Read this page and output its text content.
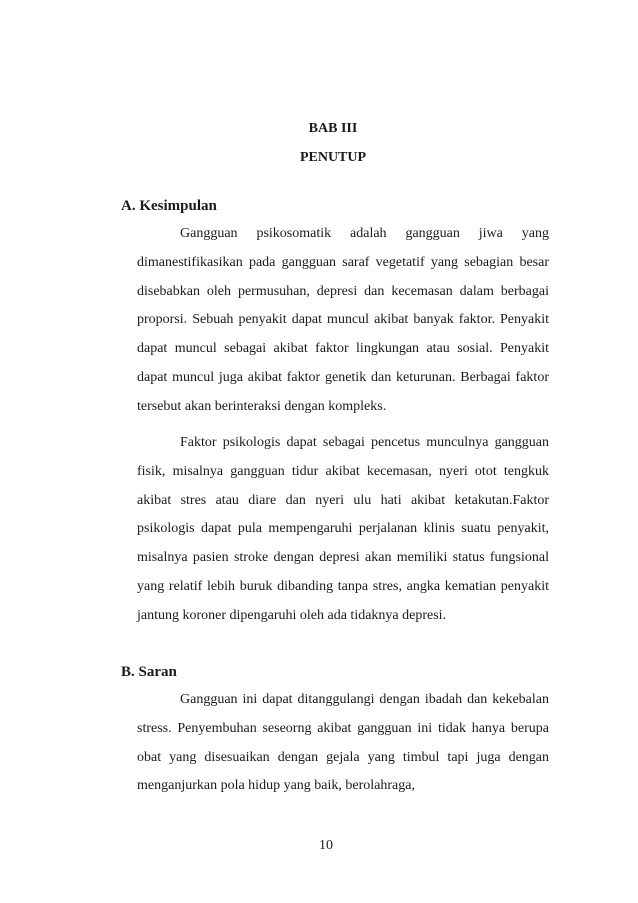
BAB III
PENUTUP
A. Kesimpulan

Gangguan psikosomatik adalah gangguan jiwa yang dimanestifikasikan pada gangguan saraf vegetatif yang sebagian besar disebabkan oleh permusuhan, depresi dan kecemasan dalam berbagai proporsi. Sebuah penyakit dapat muncul akibat banyak faktor. Penyakit dapat muncul sebagai akibat faktor lingkungan atau sosial. Penyakit dapat muncul juga akibat faktor genetik dan keturunan. Berbagai faktor tersebut akan berinteraksi dengan kompleks.

Faktor psikologis dapat sebagai pencetus munculnya gangguan fisik, misalnya gangguan tidur akibat kecemasan, nyeri otot tengkuk akibat stres atau diare dan nyeri ulu hati akibat ketakutan.Faktor psikologis dapat pula mempengaruhi perjalanan klinis suatu penyakit, misalnya pasien stroke dengan depresi akan memiliki status fungsional yang relatif lebih buruk dibanding tanpa stres, angka kematian penyakit jantung koroner dipengaruhi oleh ada tidaknya depresi.

B. Saran

Gangguan ini dapat ditanggulangi dengan ibadah dan kekebalan stress. Penyembuhan seseorng akibat gangguan ini tidak hanya berupa obat yang disesuaikan dengan gejala yang timbul tapi juga dengan menganjurkan pola hidup yang baik, berolahraga,

10
